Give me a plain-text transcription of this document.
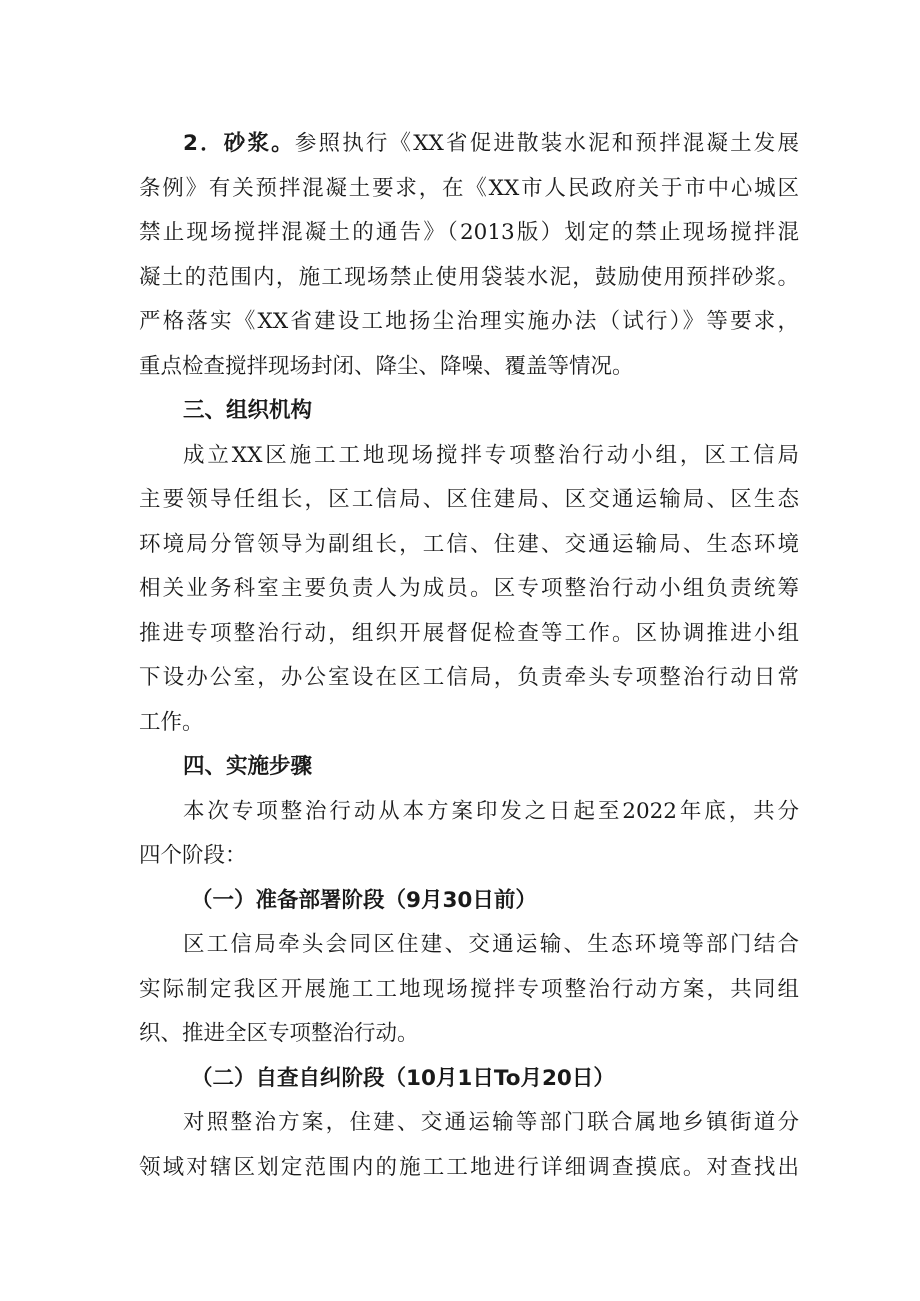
2．砂浆。参照执行《XX省促进散装水泥和预拌混凝土发展
条例》有关预拌混凝土要求，在《XX市人民政府关于市中心城区
禁止现场搅拌混凝土的通告》（2013版）划定的禁止现场搅拌混
凝土的范围内，施工现场禁止使用袋装水泥，鼓励使用预拌砂浆。
严格落实《XX省建设工地扬尘治理实施办法（试行）》等要求，
重点检查搅拌现场封闭、降尘、降噪、覆盖等情况。
三、组织机构
成立XX区施工工地现场搅拌专项整治行动小组，区工信局
主要领导任组长，区工信局、区住建局、区交通运输局、区生态
环境局分管领导为副组长，工信、住建、交通运输局、生态环境
相关业务科室主要负责人为成员。区专项整治行动小组负责统筹
推进专项整治行动，组织开展督促检查等工作。区协调推进小组
下设办公室，办公室设在区工信局，负责牵头专项整治行动日常
工作。
四、实施步骤
本次专项整治行动从本方案印发之日起至2022年底，共分
四个阶段：
（一）准备部署阶段（9月30日前）
区工信局牵头会同区住建、交通运输、生态环境等部门结合
实际制定我区开展施工工地现场搅拌专项整治行动方案，共同组
织、推进全区专项整治行动。
（二）自查自纠阶段（10月1日To月20日）
对照整治方案，住建、交通运输等部门联合属地乡镇街道分
领域对辖区划定范围内的施工工地进行详细调查摸底。对查找出
